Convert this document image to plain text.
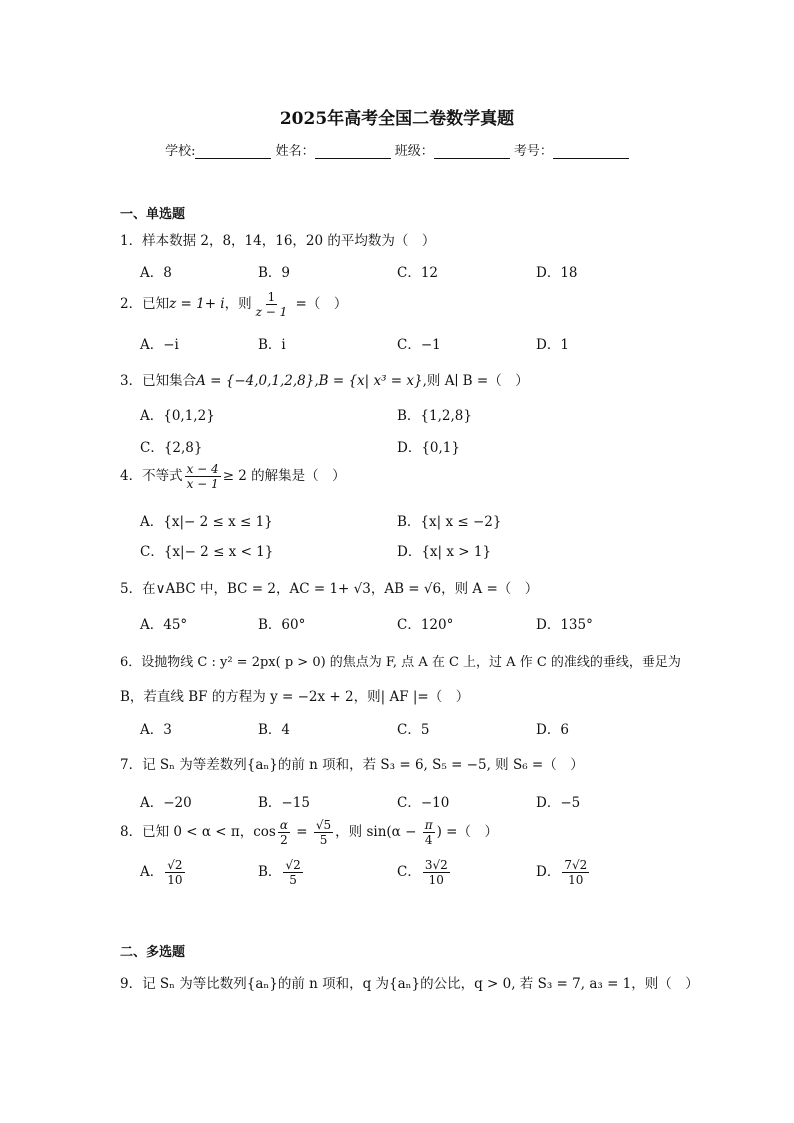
2025年高考全国二卷数学真题
学校:	姓名：	班级：	考号：
一、单选题
1．样本数据 2，8，14，16，20 的平均数为（　）
A．8	B．9	C．12	D．18
2．已知z = 1+ i，则 $\frac{1}{z - 1}$ =（　）
A．−i	B．i	C．−1	D．1
3．已知集合A = {−4,0,1,2,8},B = {x| x³ = x},则 A∣ B =（　）
A．{0,1,2}	B．{1,2,8}
C．{2,8}	D．{0,1}
4．不等式 $\frac{x - 4}{x - 1} \ge 2$ 的解集是（　）
A．{x|− 2 ≤ x ≤ 1}	B．{x| x ≤ −2}
C．{x|− 2 ≤ x < 1}	D．{x| x > 1}
5．在∨ABC 中，BC = 2，AC = 1+ √3，AB = √6，则 A =（　）
A．45°	B．60°	C．120°	D．135°
6．设抛物线 C : y² = 2px( p > 0) 的焦点为 F, 点 A 在 C 上，过 A 作 C 的准线的垂线，垂足为
B，若直线 BF 的方程为 y = −2x + 2，则| AF |=（　）
A．3	B．4	C．5	D．6
7．记 Sₙ 为等差数列{aₙ}的前 n 项和，若 S₃ = 6, S₅ = −5, 则 S₆ =（　）
A．−20	B．−15	C．−10	D．−5
8．已知 0 < α < π，$\cos \frac{\alpha}{2} = \frac{√5}{5}$ ，则 $\sin(\alpha - \frac{\pi}{4}$ ) =（　）
A． $\frac{√2}{10}$	B． $\frac{√2}{5}$	C． $\frac{3√2}{10}$	D． $\frac{7√2}{10}$
二、多选题
9．记 Sₙ 为等比数列{aₙ}的前 n 项和，q 为{aₙ}的公比，q > 0, 若 S₃ = 7, a₃ = 1，则（　）
